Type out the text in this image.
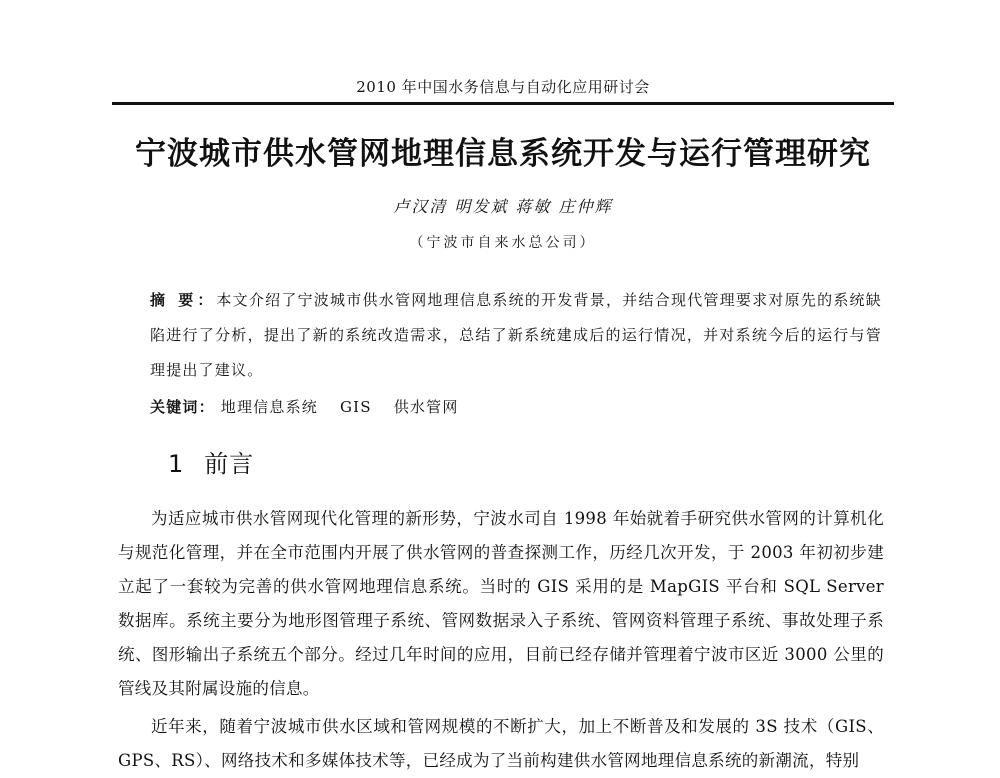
2010 年中国水务信息与自动化应用研讨会
宁波城市供水管网地理信息系统开发与运行管理研究
卢汉清 明发斌 蒋敏 庄仲辉
（宁波市自来水总公司）

摘 要：本文介绍了宁波城市供水管网地理信息系统的开发背景，并结合现代管理要求对原先的系统缺陷进行了分析，提出了新的系统改造需求，总结了新系统建成后的运行情况，并对系统今后的运行与管理提出了建议。

关键词： 地理信息系统 GIS 供水管网
1 前言

为适应城市供水管网现代化管理的新形势，宁波水司自 1998 年始就着手研究供水管网的计算机化与规范化管理，并在全市范围内开展了供水管网的普查探测工作，历经几次开发，于 2003 年初初步建立起了一套较为完善的供水管网地理信息系统。当时的 GIS 采用的是 MapGIS 平台和 SQL Server 数据库。系统主要分为地形图管理子系统、管网数据录入子系统、管网资料管理子系统、事故处理子系统、图形输出子系统五个部分。经过几年时间的应用，目前已经存储并管理着宁波市区近 3000 公里的管线及其附属设施的信息。

近年来，随着宁波城市供水区域和管网规模的不断扩大，加上不断普及和发展的 3S 技术（GIS、GPS、RS）、网络技术和多媒体技术等，已经成为了当前构建供水管网地理信息系统的新潮流，特别
